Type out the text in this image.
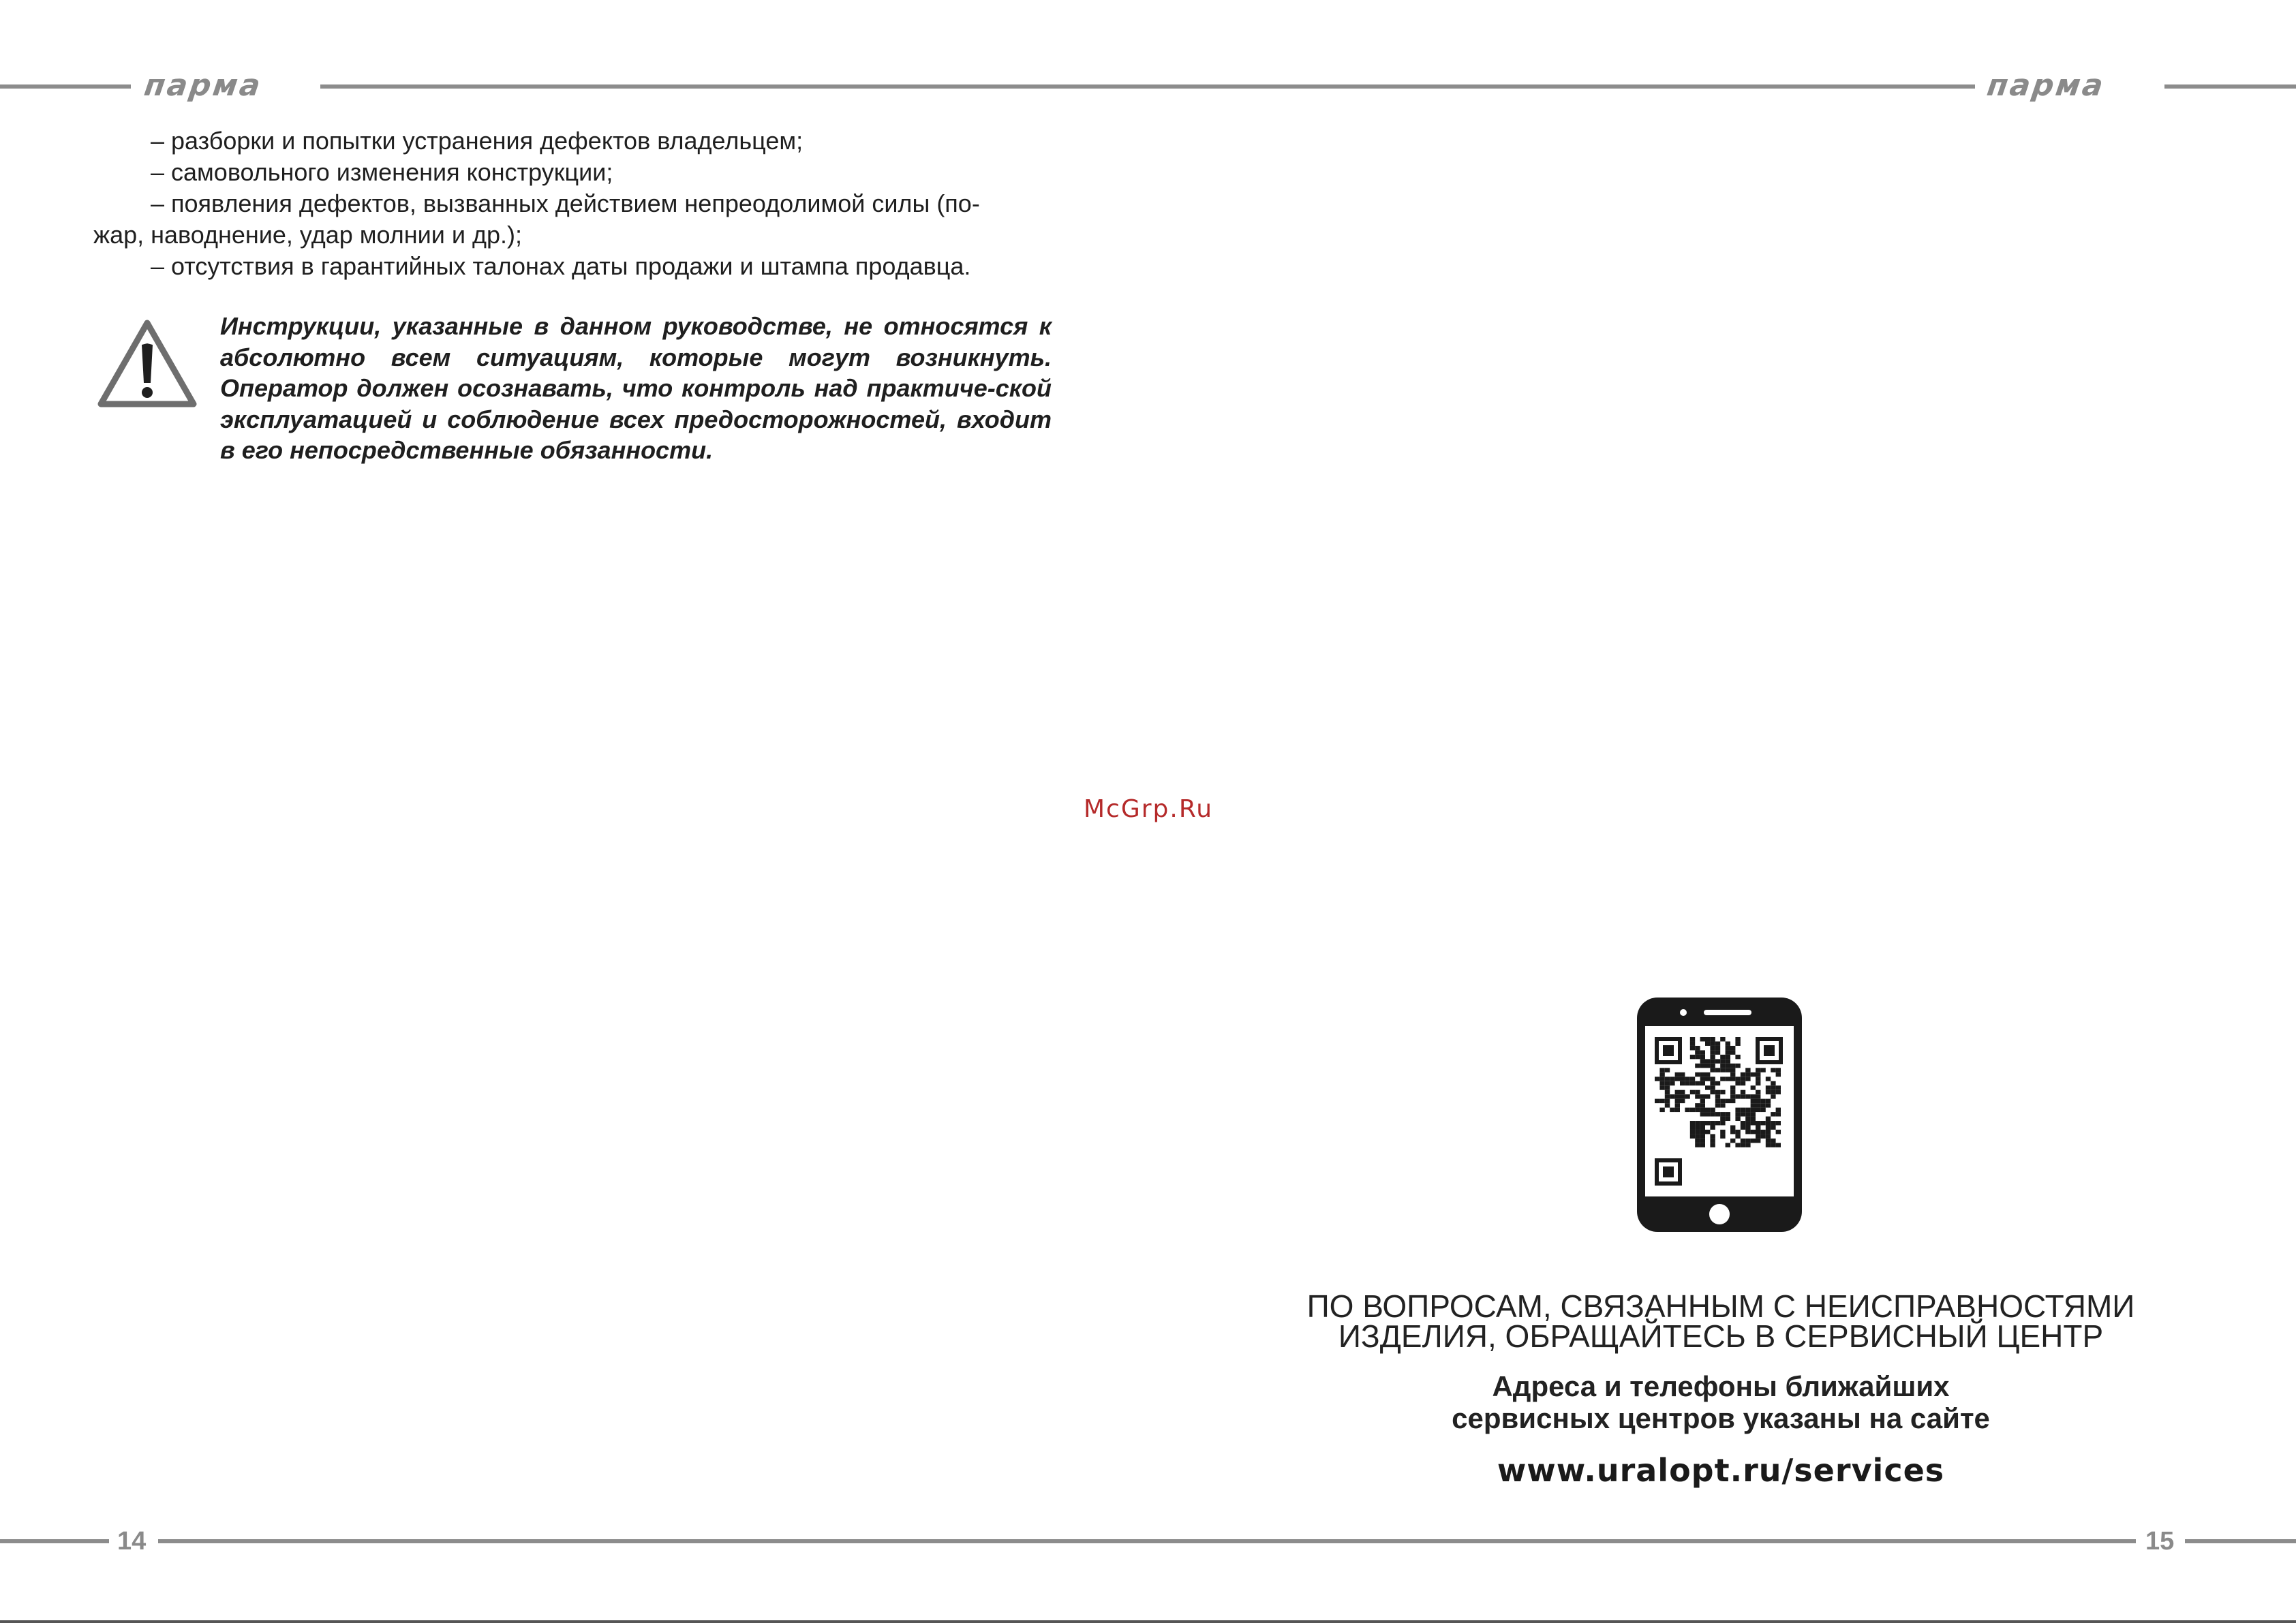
парма	парма

– разборки и попытки устранения дефектов владельцем;

– самовольного изменения конструкции;

– появления дефектов, вызванных действием непреодолимой силы (по-

жар, наводнение, удар молнии и др.);

– отсутствия в гарантийных талонах даты продажи и штампа продавца.

Инструкции, указанные в данном руководстве, не относятся к абсолютно всем ситуациям, которые могут возникнуть. Оператор должен осознавать, что контроль над практиче-ской эксплуатацией и соблюдение всех предосторожностей, входит в его непосредственные обязанности.

McGrp.Ru
ПО ВОПРОСАМ, СВЯЗАННЫМ С НЕИСПРАВНОСТЯМИ
ИЗДЕЛИЯ, ОБРАЩАЙТЕСЬ В СЕРВИСНЫЙ ЦЕНТР
Адреса и телефоны ближайших
сервисных центров указаны на сайте
www.uralopt.ru/services
14	15
